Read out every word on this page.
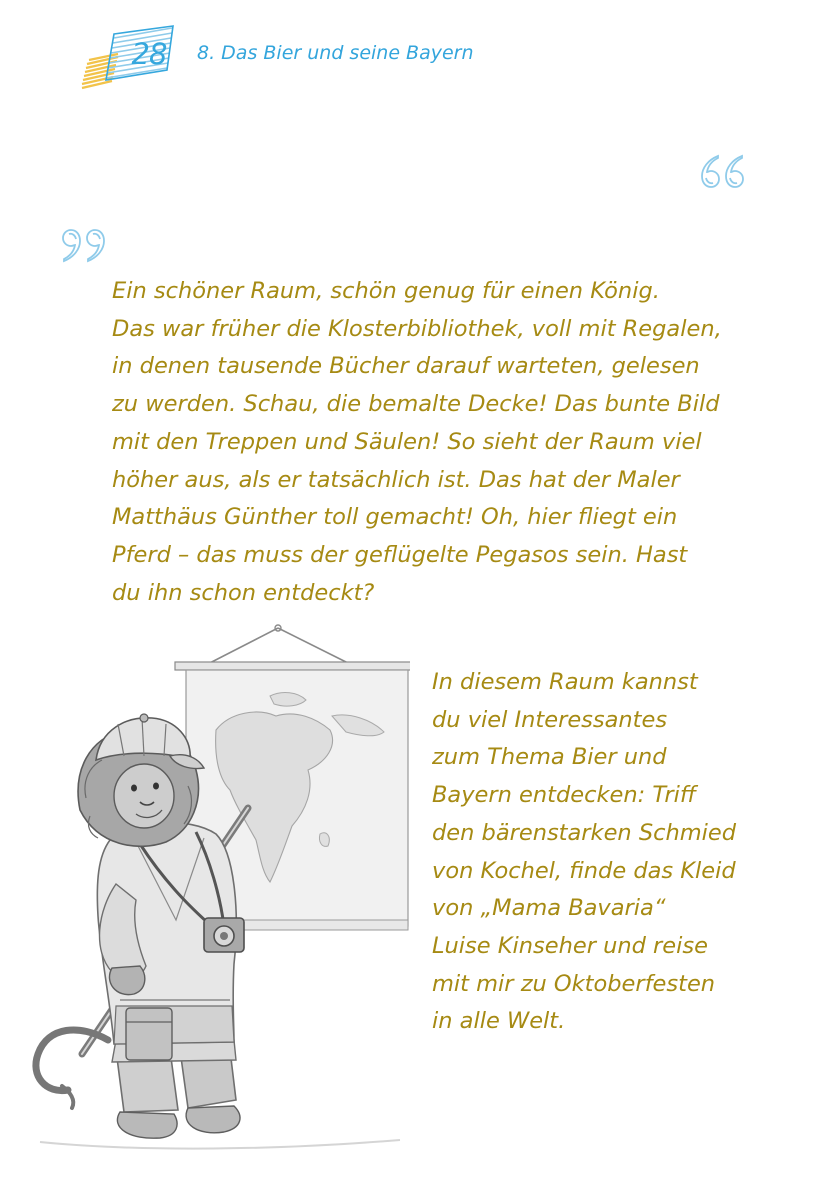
28	8. Das Bier und seine Bayern
Ein schöner Raum, schön genug für einen König.
Das war früher die Klosterbibliothek, voll mit Regalen,
in denen tausende Bücher darauf warteten, gelesen
zu werden. Schau, die bemalte Decke! Das bunte Bild
mit den Treppen und Säulen! So sieht der Raum viel
höher aus, als er tatsächlich ist. Das hat der Maler
Matthäus Günther toll gemacht! Oh, hier fliegt ein
Pferd – das muss der geflügelte Pegasos sein. Hast
du ihn schon entdeckt?
In diesem Raum kannst
du viel Interessantes
zum Thema Bier und
Bayern entdecken: Triff
den bärenstarken Schmied
von Kochel, finde das Kleid
von „Mama Bavaria“
Luise Kinseher und reise
mit mir zu Oktoberfesten
in alle Welt.
